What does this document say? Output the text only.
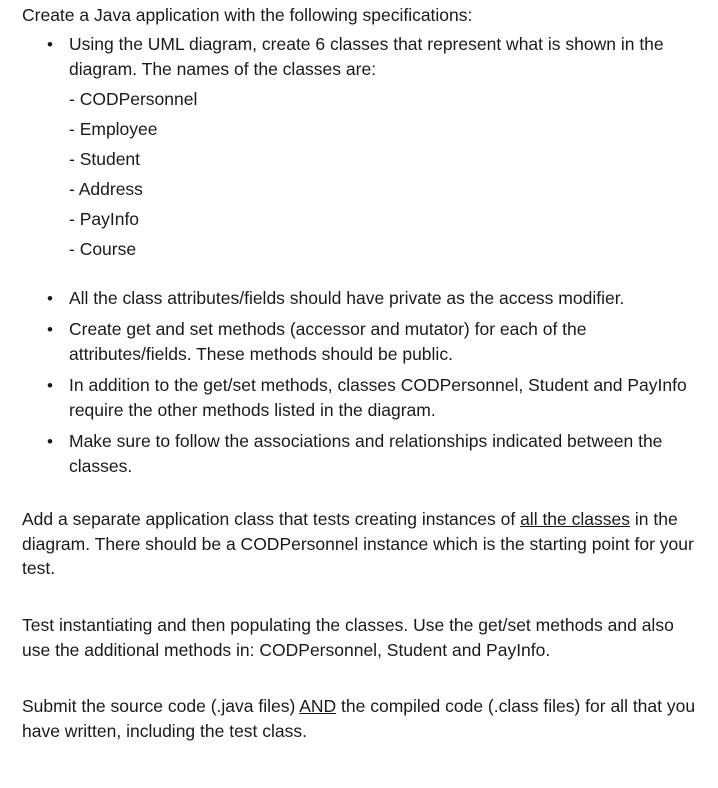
Create a Java application with the following specifications:
• Using the UML diagram, create 6 classes that represent what is shown in the diagram. The names of the classes are:
- CODPersonnel
- Employee
- Student
- Address
- PayInfo
- Course
• All the class attributes/fields should have private as the access modifier.
• Create get and set methods (accessor and mutator) for each of the attributes/fields. These methods should be public.
• In addition to the get/set methods, classes CODPersonnel, Student and PayInfo require the other methods listed in the diagram.
• Make sure to follow the associations and relationships indicated between the classes.
Add a separate application class that tests creating instances of all the classes in the diagram. There should be a CODPersonnel instance which is the starting point for your test.
Test instantiating and then populating the classes. Use the get/set methods and also use the additional methods in: CODPersonnel, Student and PayInfo.
Submit the source code (.java files) AND the compiled code (.class files) for all that you have written, including the test class.
